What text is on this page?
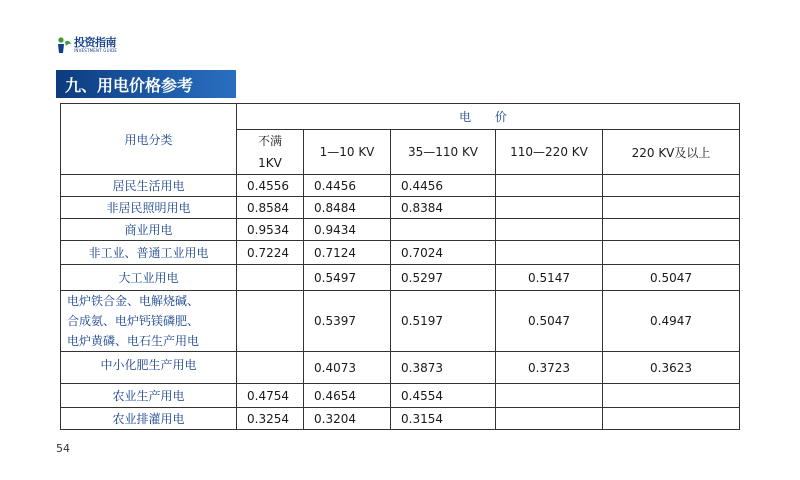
投资指南
INVESTMENT GUIDE
九、用电价格参考
用电分类	电 价				

	不满
1KV	1—10 KV	35—110 KV	110—220 KV	220 KV及以上
居民生活用电	0.4556	0.4456	0.4456		
非居民照明用电	0.8584	0.8484	0.8384		
商业用电	0.9534	0.9434			
非工业、普通工业用电	0.7224	0.7124	0.7024		
大工业用电		0.5497	0.5297	0.5147	0.5047

电炉铁合金、电解烧碱、
合成氨、电炉钙镁磷肥、
电炉黄磷、电石生产用电		0.5397	0.5197	0.5047	0.4947
中小化肥生产用电		0.4073	0.3873	0.3723	0.3623
农业生产用电	0.4754	0.4654	0.4554		
农业排灌用电	0.3254	0.3204	0.3154		
54
